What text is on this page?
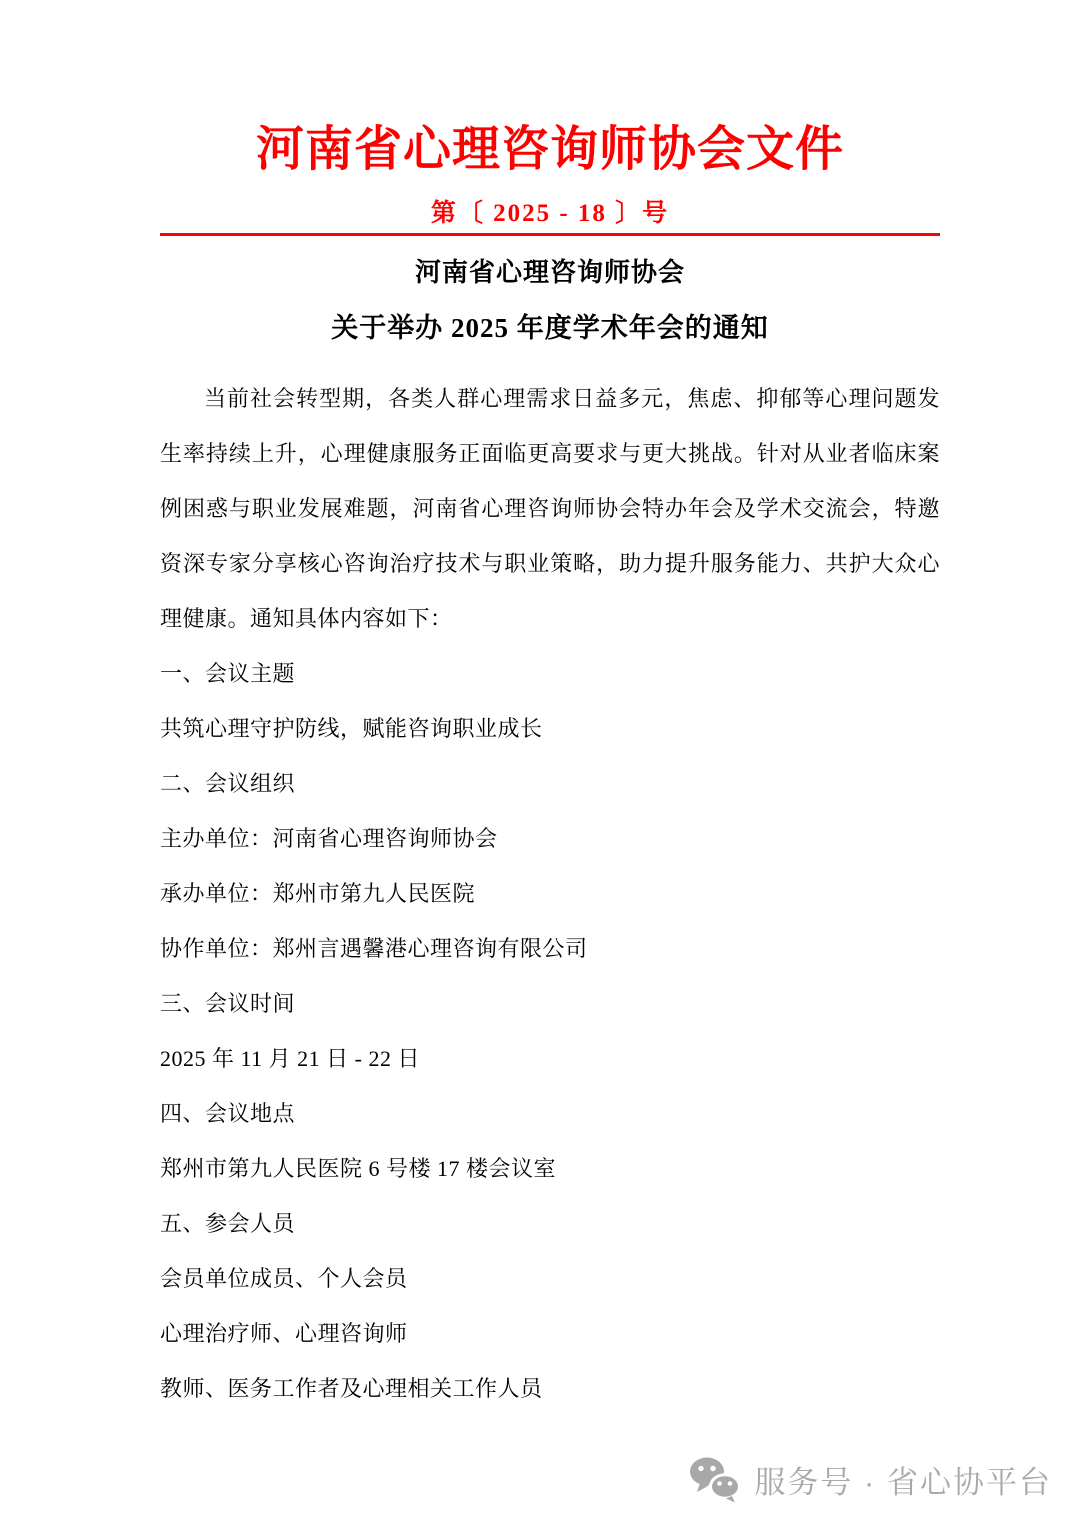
河南省心理咨询师协会文件
第〔 2025 - 18 〕号
河南省心理咨询师协会
关于举办 2025 年度学术年会的通知

当前社会转型期，各类人群心理需求日益多元，焦虑、抑郁等心理问题发生率持续上升，心理健康服务正面临更高要求与更大挑战。针对从业者临床案例困惑与职业发展难题，河南省心理咨询师协会特办年会及学术交流会，特邀资深专家分享核心咨询治疗技术与职业策略，助力提升服务能力、共护大众心理健康。通知具体内容如下：

一、会议主题

共筑心理守护防线，赋能咨询职业成长

二、会议组织

主办单位：河南省心理咨询师协会

承办单位：郑州市第九人民医院

协作单位：郑州言遇馨港心理咨询有限公司

三、会议时间

2025 年 11 月 21 日 - 22 日

四、会议地点

郑州市第九人民医院 6 号楼 17 楼会议室

五、参会人员

会员单位成员、个人会员

心理治疗师、心理咨询师

教师、医务工作者及心理相关工作人员

服务号 · 省心协平台
